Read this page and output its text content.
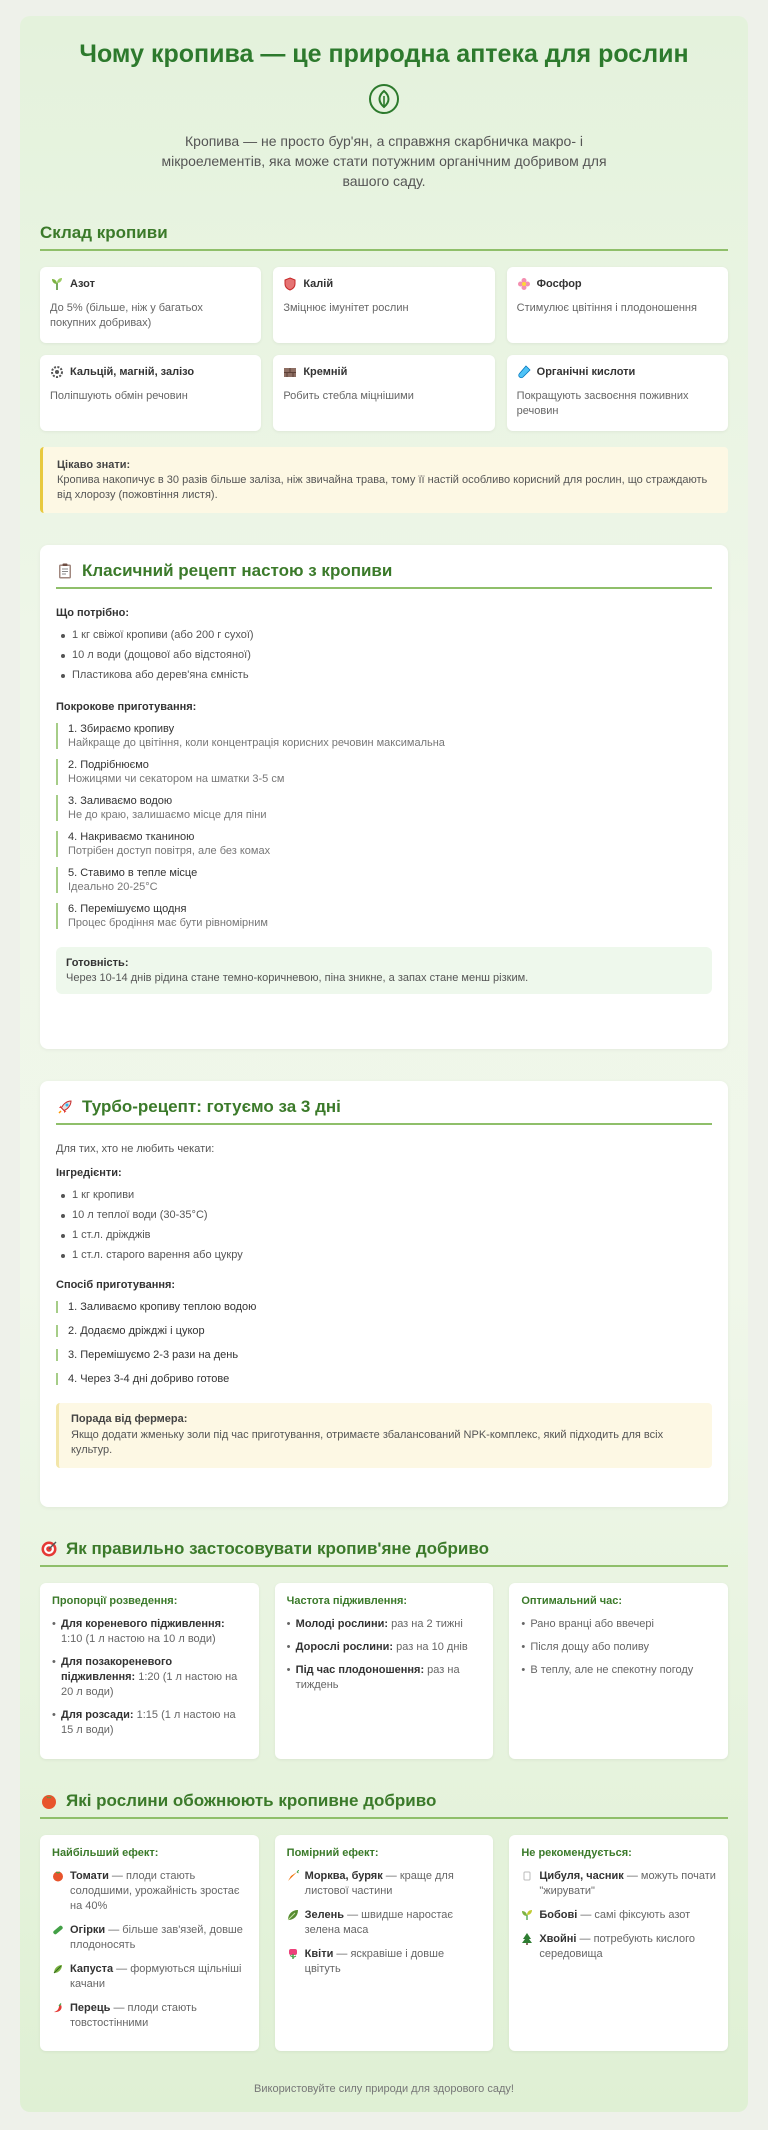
Чому кропива — це природна аптека для рослин

Кропива — не просто бур'ян, а справжня скарбничка макро- і мікроелементів, яка може стати потужним органічним добривом для вашого саду.

Склад кропиви
Азот
До 5% (більше, ніж у багатьох покупних добривах)
Калій
Зміцнює імунітет рослин
Фосфор
Стимулює цвітіння і плодоношення
Кальцій, магній, залізо
Поліпшують обмін речовин
Кремній
Робить стебла міцнішими
Органічні кислоти
Покращують засвоєння поживних речовин
Цікаво знати:
Кропива накопичує в 30 разів більше заліза, ніж звичайна трава, тому її настій особливо корисний для рослин, що страждають від хлорозу (пожовтіння листя).
Класичний рецепт настою з кропиви
Що потрібно:
1 кг свіжої кропиви (або 200 г сухої)
10 л води (дощової або відстояної)
Пластикова або дерев'яна ємність
Покрокове приготування:
1. Збираємо кропиву
Найкраще до цвітіння, коли концентрація корисних речовин максимальна
2. Подрібнюємо
Ножицями чи секатором на шматки 3-5 см
3. Заливаємо водою
Не до краю, залишаємо місце для піни
4. Накриваємо тканиною
Потрібен доступ повітря, але без комах
5. Ставимо в тепле місце
Ідеально 20-25°C
6. Перемішуємо щодня
Процес бродіння має бути рівномірним
Готовність:
Через 10-14 днів рідина стане темно-коричневою, піна зникне, а запах стане менш різким.
Турбо-рецепт: готуємо за 3 дні
Для тих, хто не любить чекати:
Інгредієнти:
1 кг кропиви
10 л теплої води (30-35°C)
1 ст.л. дріжджів
1 ст.л. старого варення або цукру
Спосіб приготування:
1. Заливаємо кропиву теплою водою
2. Додаємо дріжджі і цукор
3. Перемішуємо 2-3 рази на день
4. Через 3-4 дні добриво готове
Порада від фермера:
Якщо додати жменьку золи під час приготування, отримаєте збалансований NPK-комплекс, який підходить для всіх культур.
Як правильно застосовувати кропив'яне добриво
Пропорції розведення:
• Для кореневого підживлення: 1:10 (1 л настою на 10 л води)
• Для позакореневого підживлення: 1:20 (1 л настою на 20 л води)
• Для розсади: 1:15 (1 л настою на 15 л води)
Частота підживлення:
• Молоді рослини: раз на 2 тижні
• Дорослі рослини: раз на 10 днів
• Під час плодоношення: раз на тиждень
Оптимальний час:
• Рано вранці або ввечері
• Після дощу або поливу
• В теплу, але не спекотну погоду
Які рослини обожнюють кропивне добриво
Найбільший ефект:
Томати — плоди стають солодшими, урожайність зростає на 40%
Огірки — більше зав'язей, довше плодоносять
Капуста — формуються щільніші качани
Перець — плоди стають товстостінними
Помірний ефект:
Морква, буряк — краще для листової частини
Зелень — швидше наростає зелена маса
Квіти — яскравіше і довше цвітуть
Не рекомендується:
Цибуля, часник — можуть почати "жирувати"
Бобові — самі фіксують азот
Хвойні — потребують кислого середовища
Використовуйте силу природи для здорового саду!
